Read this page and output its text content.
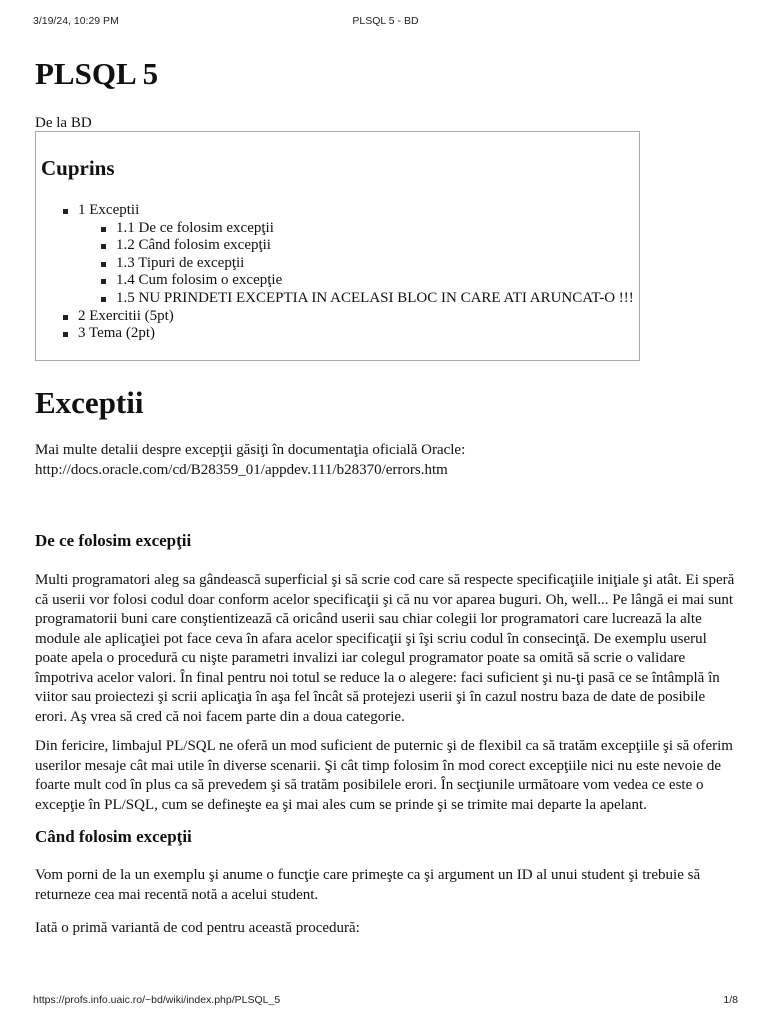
3/19/24, 10:29 PM	PLSQL 5 - BD
PLSQL 5
De la BD
Cuprins
1 Exceptii
1.1 De ce folosim excepţii
1.2 Când folosim excepţii
1.3 Tipuri de excepţii
1.4 Cum folosim o excepţie
1.5 NU PRINDETI EXCEPTIA IN ACELASI BLOC IN CARE ATI ARUNCAT-O !!!
2 Exercitii (5pt)
3 Tema (2pt)
Exceptii

Mai multe detalii despre excepţii găsiţi în documentaţia oficială Oracle:
http://docs.oracle.com/cd/B28359_01/appdev.111/b28370/errors.htm

De ce folosim excepţii

Multi programatori aleg sa gândească superficial şi să scrie cod care să respecte specificaţiile iniţiale şi atât. Ei speră că userii vor folosi codul doar conform acelor specificaţii şi că nu vor aparea buguri. Oh, well... Pe lângă ei mai sunt programatorii buni care conştientizează că oricând userii sau chiar colegii lor programatori care lucrează la alte module ale aplicaţiei pot face ceva în afara acelor specificaţii şi îşi scriu codul în consecinţă. De exemplu userul poate apela o procedură cu nişte parametri invalizi iar colegul programator poate sa omită să scrie o validare împotriva acelor valori. În final pentru noi totul se reduce la o alegere: faci suficient şi nu-ţi pasă ce se întâmplă în viitor sau proiectezi şi scrii aplicaţia în aşa fel încât să protejezi userii şi în cazul nostru baza de date de posibile erori. Aş vrea să cred că noi facem parte din a doua categorie.

Din fericire, limbajul PL/SQL ne oferă un mod suficient de puternic şi de flexibil ca să tratăm excepţiile şi să oferim userilor mesaje cât mai utile în diverse scenarii. Şi cât timp folosim în mod corect excepţiile nici nu este nevoie de foarte mult cod în plus ca să prevedem şi să tratăm posibilele erori. În secţiunile următoare vom vedea ce este o excepţie în PL/SQL, cum se defineşte ea şi mai ales cum se prinde şi se trimite mai departe la apelant.

Când folosim excepţii

Vom porni de la un exemplu şi anume o funcţie care primeşte ca şi argument un ID al unui student şi trebuie să returneze cea mai recentă notă a acelui student.

Iată o primă variantă de cod pentru această procedură:

https://profs.info.uaic.ro/~bd/wiki/index.php/PLSQL_5	1/8
